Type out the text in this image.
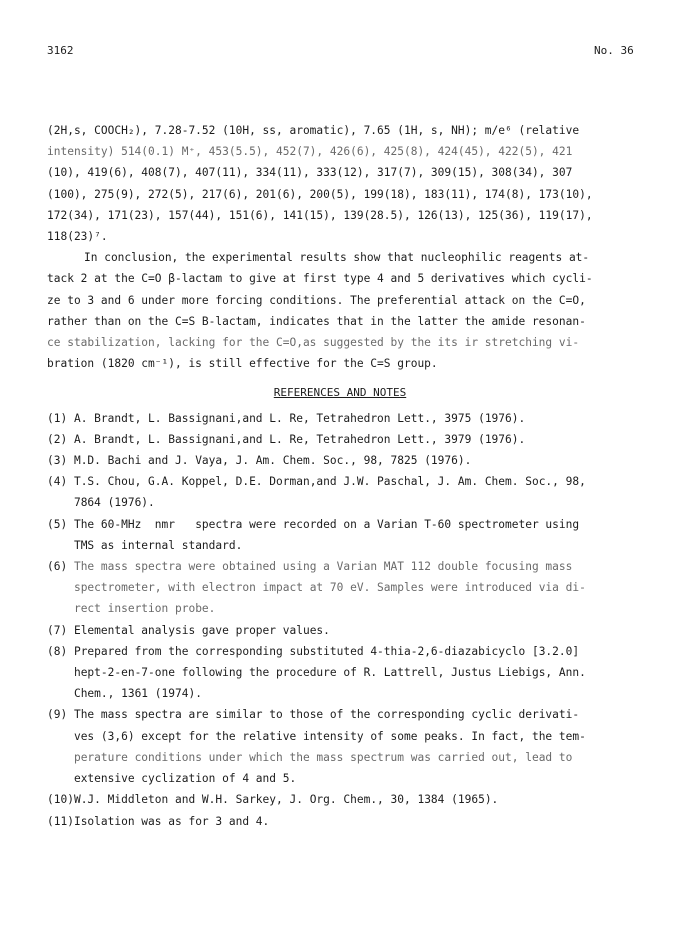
3162	No. 36
(2H,s, COOCH₂), 7.28-7.52 (10H, ss, aromatic), 7.65 (1H, s, NH); m/e⁶ (relative
intensity) 514(0.1) M⁺, 453(5.5), 452(7), 426(6), 425(8), 424(45), 422(5), 421
(10), 419(6), 408(7), 407(11), 334(11), 333(12), 317(7), 309(15), 308(34), 307
(100), 275(9), 272(5), 217(6), 201(6), 200(5), 199(18), 183(11), 174(8), 173(10),
172(34), 171(23), 157(44), 151(6), 141(15), 139(28.5), 126(13), 125(36), 119(17),
118(23)⁷.
In conclusion, the experimental results show that nucleophilic reagents at-
tack 2 at the C=O β-lactam to give at first type 4 and 5 derivatives which cycli-
ze to 3 and 6 under more forcing conditions. The preferential attack on the C=O,
rather than on the C=S B-lactam, indicates that in the latter the amide resonan-
ce stabilization, lacking for the C=O,as suggested by the its ir stretching vi-
bration (1820 cm⁻¹), is still effective for the C=S group.
REFERENCES AND NOTES
(1) A. Brandt, L. Bassignani,and L. Re, Tetrahedron Lett., 3975 (1976).
(2) A. Brandt, L. Bassignani,and L. Re, Tetrahedron Lett., 3979 (1976).
(3) M.D. Bachi and J. Vaya, J. Am. Chem. Soc., 98, 7825 (1976).
(4) T.S. Chou, G.A. Koppel, D.E. Dorman,and J.W. Paschal, J. Am. Chem. Soc., 98,
7864 (1976).
(5) The 60-MHz  nmr   spectra were recorded on a Varian T-60 spectrometer using
TMS as internal standard.
(6) The mass spectra were obtained using a Varian MAT 112 double focusing mass
spectrometer, with electron impact at 70 eV. Samples were introduced via di-
rect insertion probe.
(7) Elemental analysis gave proper values.
(8) Prepared from the corresponding substituted 4-thia-2,6-diazabicyclo [3.2.0]
hept-2-en-7-one following the procedure of R. Lattrell, Justus Liebigs, Ann.
Chem., 1361 (1974).
(9) The mass spectra are similar to those of the corresponding cyclic derivati-
ves (3,6) except for the relative intensity of some peaks. In fact, the tem-
perature conditions under which the mass spectrum was carried out, lead to
extensive cyclization of 4 and 5.
(10) W.J. Middleton and W.H. Sarkey, J. Org. Chem., 30, 1384 (1965).
(11) Isolation was as for 3 and 4.
